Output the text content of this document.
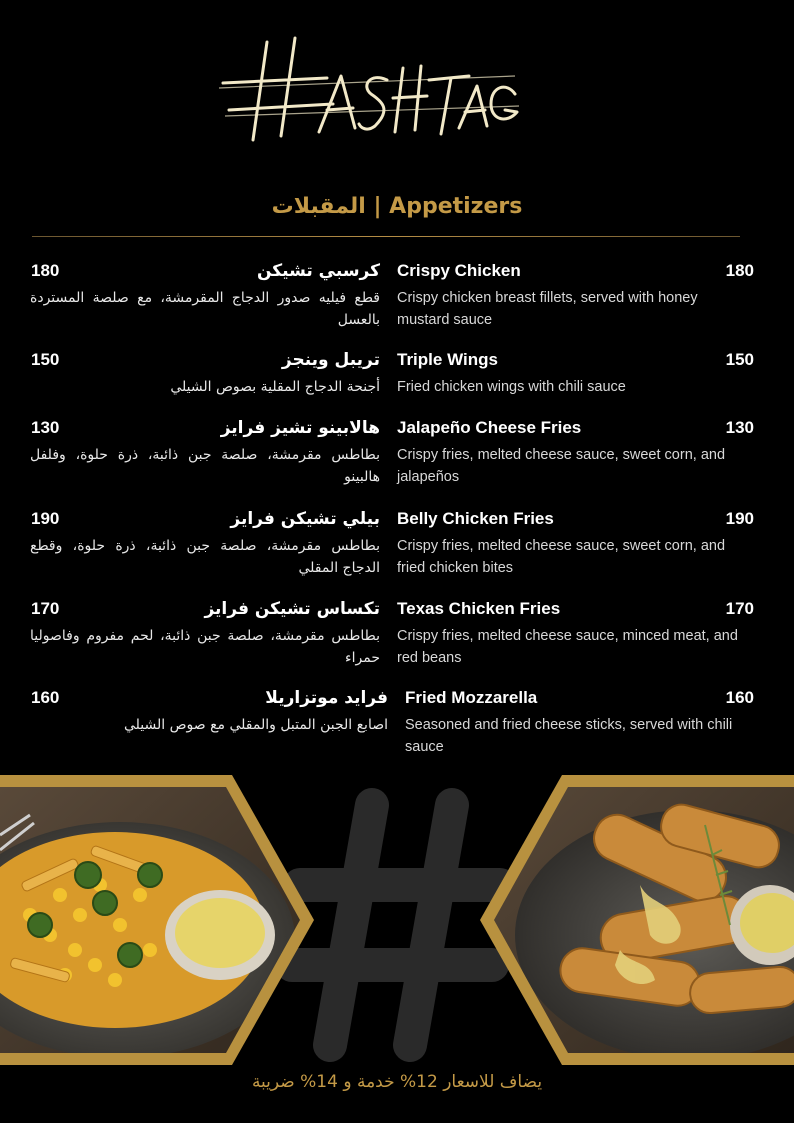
المقبلات | Appetizers
180	كرسبي تشيكن Crispy Chicken	180
قطع فيليه صدور الدجاج المقرمشة، مع صلصة المستردة بالعسل
Crispy chicken breast fillets, served with honey mustard sauce
150	تريبل وينجز Triple Wings	150
أجنحة الدجاج المقلية بصوص الشيلي Fried chicken wings with chili sauce
130	هالابينو تشيز فرايز Jalapeño Cheese Fries	130
بطاطس مقرمشة، صلصة جبن ذائبة، ذرة حلوة، وفلفل هالبينو
Crispy fries, melted cheese sauce, sweet corn, and jalapeños
190	بيلي تشيكن فرايز Belly Chicken Fries	190
بطاطس مقرمشة، صلصة جبن ذائبة، ذرة حلوة، وقطع الدجاج المقلي
Crispy fries, melted cheese sauce, sweet corn, and fried chicken bites
170	تكساس تشيكن فرايز Texas Chicken Fries	170
بطاطس مقرمشة، صلصة جبن ذائبة، لحم مفروم وفاصوليا حمراء
Crispy fries, melted cheese sauce, minced meat, and red beans
160	فرايد موتزاريلا Fried Mozzarella	160
اصابع الجبن المتبل والمقلي مع صوص الشيلي Seasoned and fried cheese sticks, served with chili sauce
يضاف للاسعار 12% خدمة و 14% ضريبة
